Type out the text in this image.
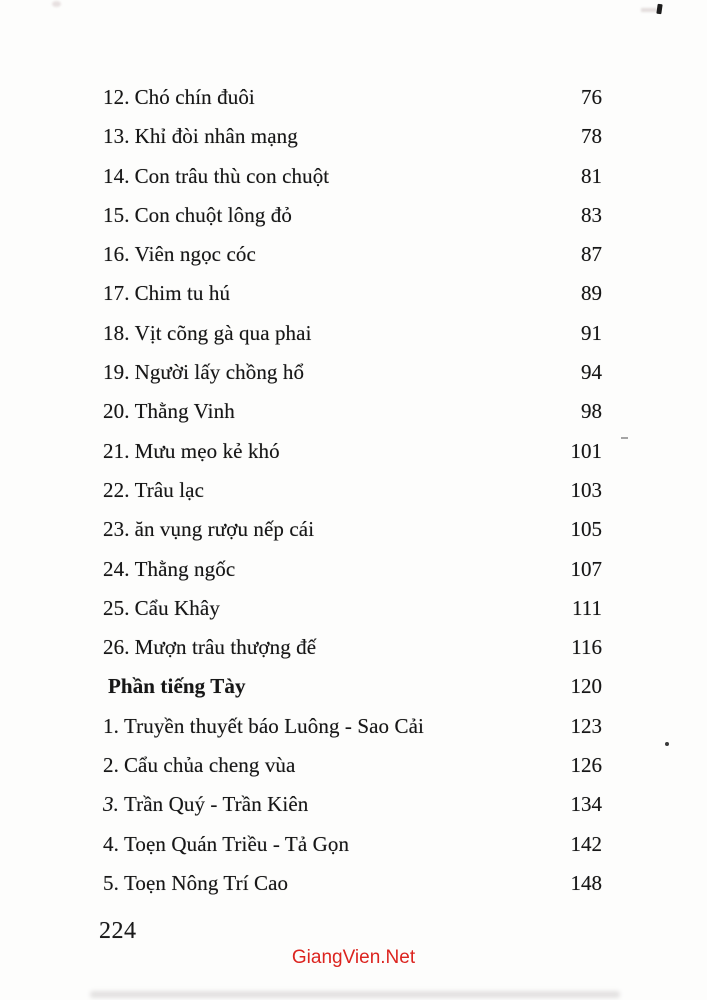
12. Chó chín đuôi	76
13. Khỉ đòi nhân mạng	78
14. Con trâu thù con chuột	81
15. Con chuột lông đỏ	83
16. Viên ngọc cóc	87
17. Chim tu hú	89
18. Vịt cõng gà qua phai	91
19. Người lấy chồng hổ	94
20. Thằng Vinh	98
21. Mưu mẹo kẻ khó	101
22. Trâu lạc	103
23. ăn vụng rượu nếp cái	105
24. Thằng ngốc	107
25. Cẩu Khây	111
26. Mượn trâu thượng đế	116
Phần tiếng Tày	120
1. Truyền thuyết báo Luông - Sao Cải	123
2. Cẩu chủa cheng vùa	126
3. Trần Quý - Trần Kiên	134
4. Toẹn Quán Triều - Tả Gọn	142
5. Toẹn Nông Trí Cao	148
224
GiangVien.Net
